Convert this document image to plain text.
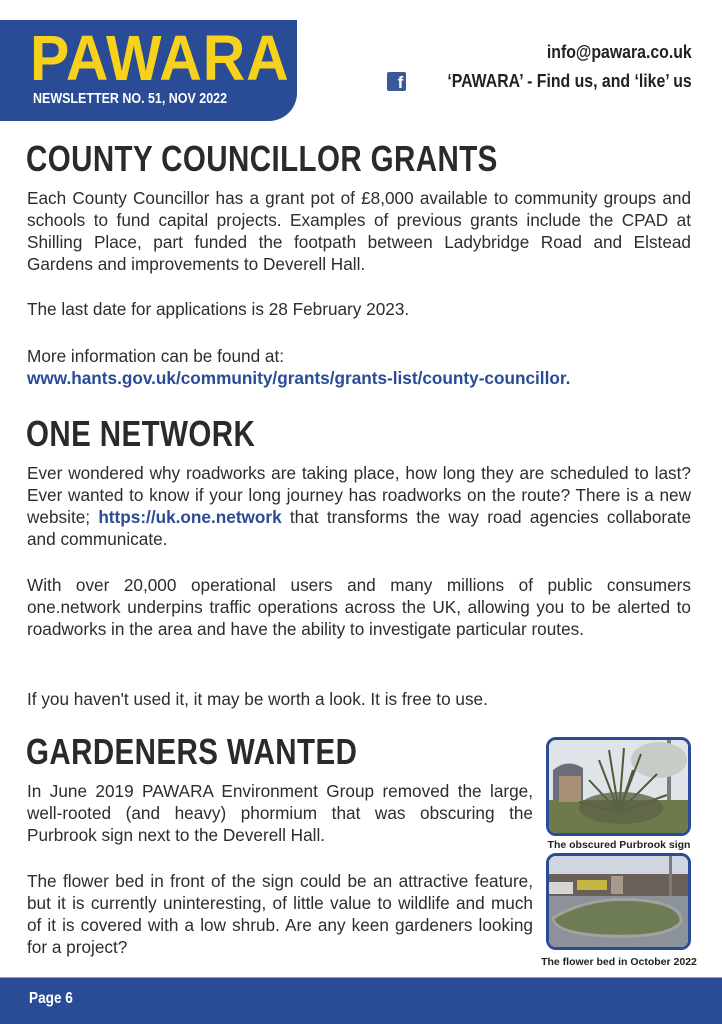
PAWARA
NEWSLETTER NO. 51, NOV 2022
info@pawara.co.uk
f ‘PAWARA’ - Find us, and ‘like’ us
COUNTY COUNCILLOR GRANTS

Each County Councillor has a grant pot of £8,000 available to community groups and schools to fund capital projects. Examples of previous grants include the CPAD at Shilling Place, part funded the footpath between Ladybridge Road and Elstead Gardens and improvements to Deverell Hall.

The last date for applications is 28 February 2023.

More information can be found at:

www.hants.gov.uk/community/grants/grants-list/county-councillor.

ONE NETWORK

Ever wondered why roadworks are taking place, how long they are scheduled to last? Ever wanted to know if your long journey has roadworks on the route? There is a new website; https://uk.one.network that transforms the way road agencies collaborate and communicate.

With over 20,000 operational users and many millions of public consumers one.network underpins traffic operations across the UK, allowing you to be alerted to roadworks in the area and have the ability to investigate particular routes.

If you haven't used it, it may be worth a look. It is free to use.

GARDENERS WANTED

In June 2019 PAWARA Environment Group removed the large, well-rooted (and heavy) phormium that was obscuring the Purbrook sign next to the Deverell Hall.

The flower bed in front of the sign could be an attractive feature, but it is currently uninteresting, of little value to wildlife and much of it is covered with a low shrub. Are any keen gardeners looking for a project?

The obscured Purbrook sign
The flower bed in October 2022
Page 6
